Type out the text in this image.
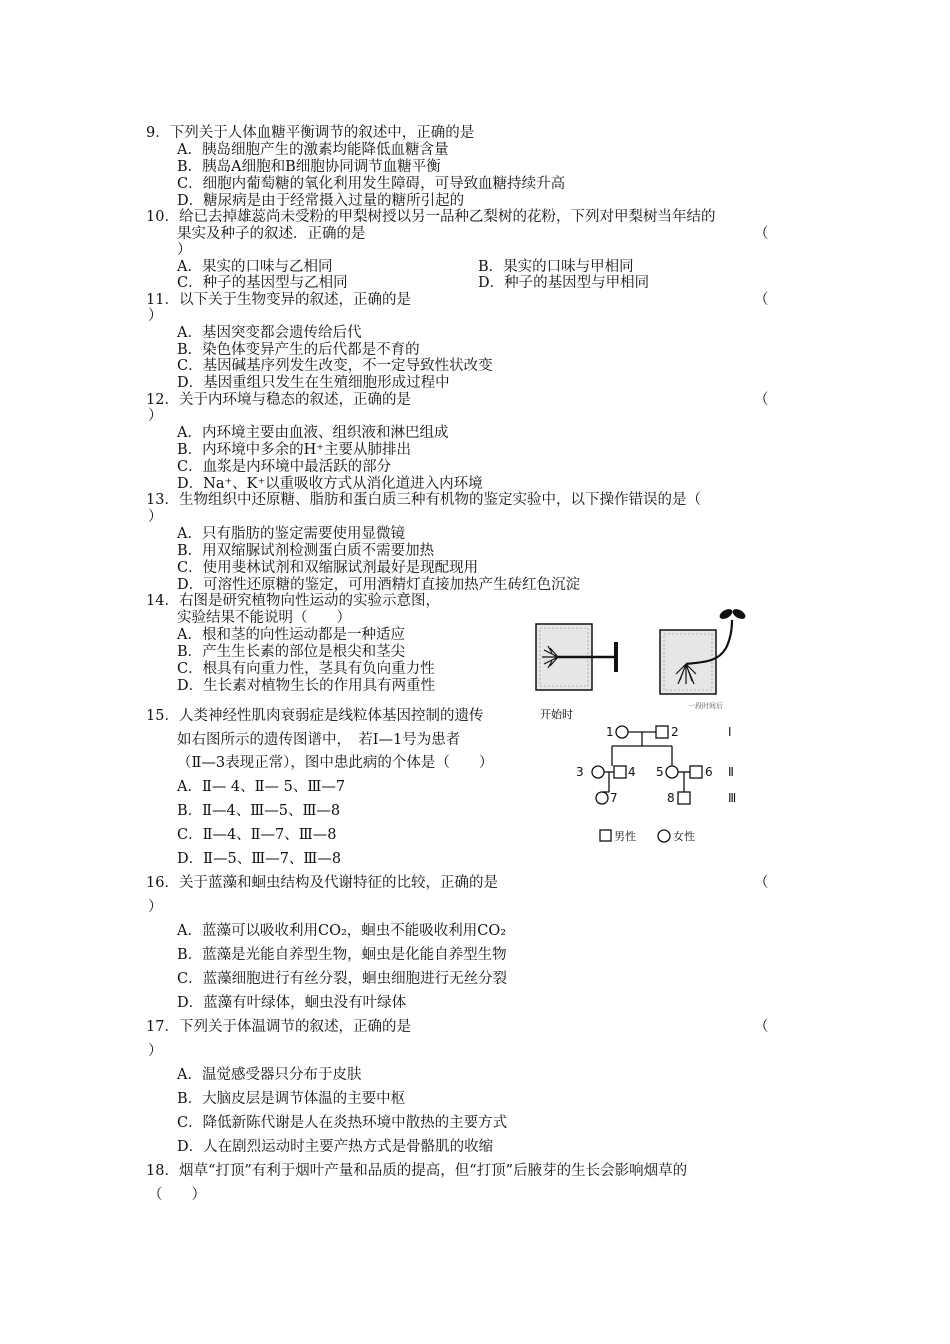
9．下列关于人体血糖平衡调节的叙述中，正确的是
A．胰岛细胞产生的激素均能降低血糖含量
B．胰岛A细胞和B细胞协同调节血糖平衡
C．细胞内葡萄糖的氧化利用发生障碍，可导致血糖持续升高
D．糖尿病是由于经常摄入过量的糖所引起的
10．给已去掉雄蕊尚未受粉的甲梨树授以另一品种乙梨树的花粉，下列对甲梨树当年结的
果实及种子的叙述．正确的是	（
）
A．果实的口味与乙相同	B．果实的口味与甲相同
C．种子的基因型与乙相同	D．种子的基因型与甲相同
11．以下关于生物变异的叙述，正确的是	（
）
A．基因突变都会遗传给后代
B．染色体变异产生的后代都是不育的
C．基因碱基序列发生改变，不一定导致性状改变
D．基因重组只发生在生殖细胞形成过程中
12．关于内环境与稳态的叙述，正确的是	（
）
A．内环境主要由血液、组织液和淋巴组成
B．内环境中多余的H⁺主要从肺排出
C．血浆是内环境中最活跃的部分
D．Na⁺、K⁺以重吸收方式从消化道进入内环境
13．生物组织中还原糖、脂肪和蛋白质三种有机物的鉴定实验中，以下操作错误的是（
）
A．只有脂肪的鉴定需要使用显微镜
B．用双缩脲试剂检测蛋白质不需要加热
C．使用斐林试剂和双缩脲试剂最好是现配现用
D．可溶性还原糖的鉴定，可用酒精灯直接加热产生砖红色沉淀
14．右图是研究植物向性运动的实验示意图，
实验结果不能说明（　　）
A．根和茎的向性运动都是一种适应
B．产生生长素的部位是根尖和茎尖
C．根具有向重力性，茎具有负向重力性
D．生长素对植物生长的作用具有两重性
开始时
一段时间后
15．人类神经性肌肉衰弱症是线粒体基因控制的遗传
如右图所示的遗传图谱中，　若Ⅰ—1号为患者
（Ⅱ—3表现正常），图中患此病的个体是（　　）
A．Ⅱ— 4、Ⅱ— 5、Ⅲ—7
B．Ⅱ—4、Ⅲ—5、Ⅲ—8
C．Ⅱ—4、Ⅱ—7、Ⅲ—8
D．Ⅱ—5、Ⅲ—7、Ⅲ—8
1	2
3	4 5	6
7	8
Ⅰ
Ⅱ
Ⅲ
男性	女性
16．关于蓝藻和蛔虫结构及代谢特征的比较，正确的是	（
）
A．蓝藻可以吸收利用CO₂，蛔虫不能吸收利用CO₂
B．蓝藻是光能自养型生物，蛔虫是化能自养型生物
C．蓝藻细胞进行有丝分裂，蛔虫细胞进行无丝分裂
D．蓝藻有叶绿体，蛔虫没有叶绿体
17．下列关于体温调节的叙述，正确的是	（
）
A．温觉感受器只分布于皮肤
B．大脑皮层是调节体温的主要中枢
C．降低新陈代谢是人在炎热环境中散热的主要方式
D．人在剧烈运动时主要产热方式是骨骼肌的收缩
18．烟草“打顶”有利于烟叶产量和品质的提高，但“打顶”后腋芽的生长会影响烟草的
（　　）
